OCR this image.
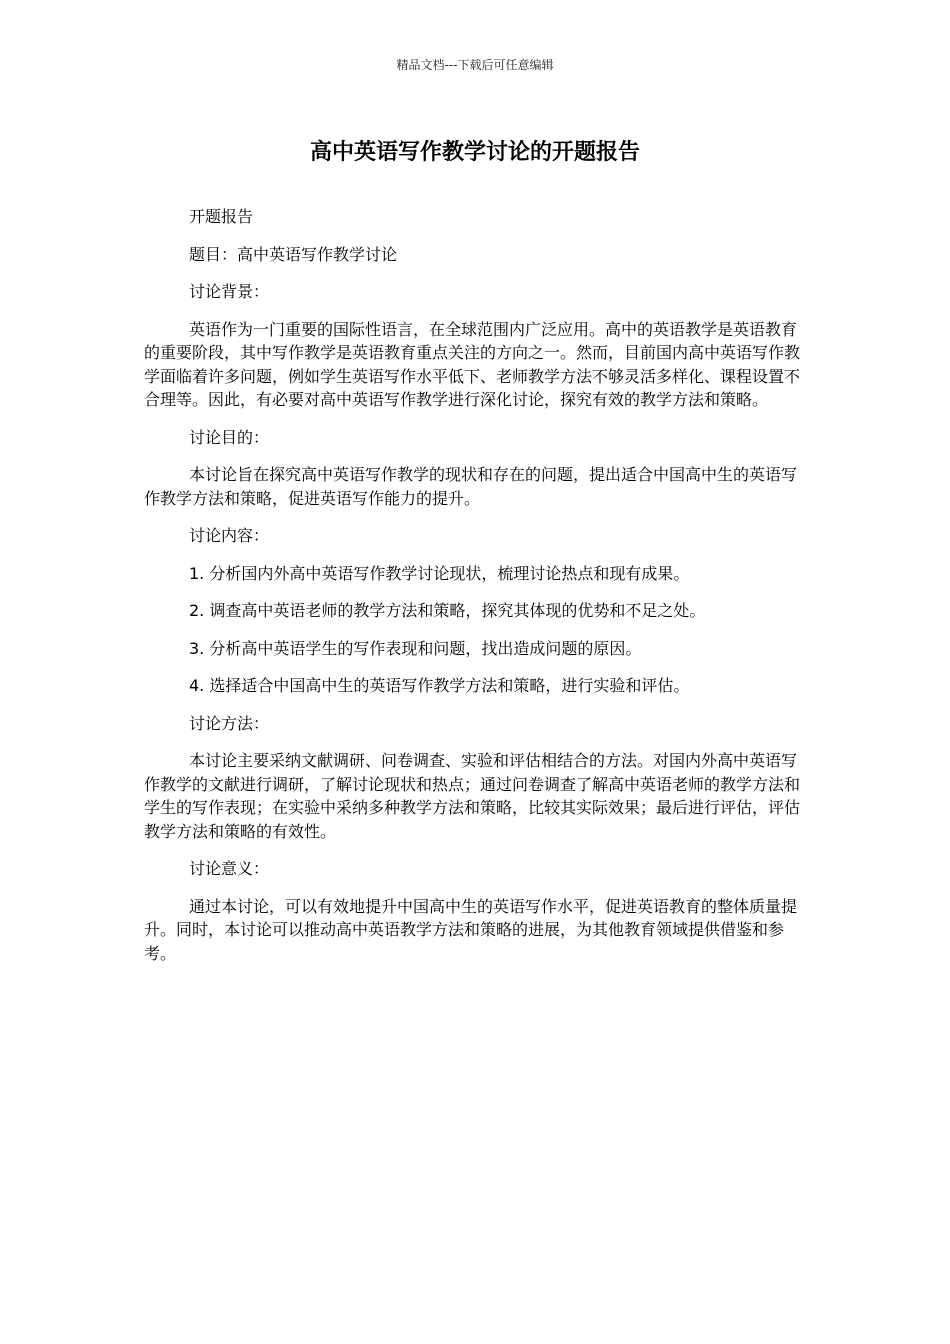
精品文档---下载后可任意编辑
高中英语写作教学讨论的开题报告

开题报告

题目：高中英语写作教学讨论

讨论背景：

英语作为一门重要的国际性语言，在全球范围内广泛应用。高中的英语教学是英语教育的重要阶段，其中写作教学是英语教育重点关注的方向之一。然而，目前国内高中英语写作教学面临着许多问题，例如学生英语写作水平低下、老师教学方法不够灵活多样化、课程设置不合理等。因此，有必要对高中英语写作教学进行深化讨论，探究有效的教学方法和策略。

讨论目的：

本讨论旨在探究高中英语写作教学的现状和存在的问题，提出适合中国高中生的英语写作教学方法和策略，促进英语写作能力的提升。

讨论内容：

1. 分析国内外高中英语写作教学讨论现状，梳理讨论热点和现有成果。

2. 调查高中英语老师的教学方法和策略，探究其体现的优势和不足之处。

3. 分析高中英语学生的写作表现和问题，找出造成问题的原因。

4. 选择适合中国高中生的英语写作教学方法和策略，进行实验和评估。

讨论方法：

本讨论主要采纳文献调研、问卷调查、实验和评估相结合的方法。对国内外高中英语写作教学的文献进行调研，了解讨论现状和热点；通过问卷调查了解高中英语老师的教学方法和学生的写作表现；在实验中采纳多种教学方法和策略，比较其实际效果；最后进行评估，评估教学方法和策略的有效性。

讨论意义：

通过本讨论，可以有效地提升中国高中生的英语写作水平，促进英语教育的整体质量提升。同时，本讨论可以推动高中英语教学方法和策略的进展，为其他教育领域提供借鉴和参考。
